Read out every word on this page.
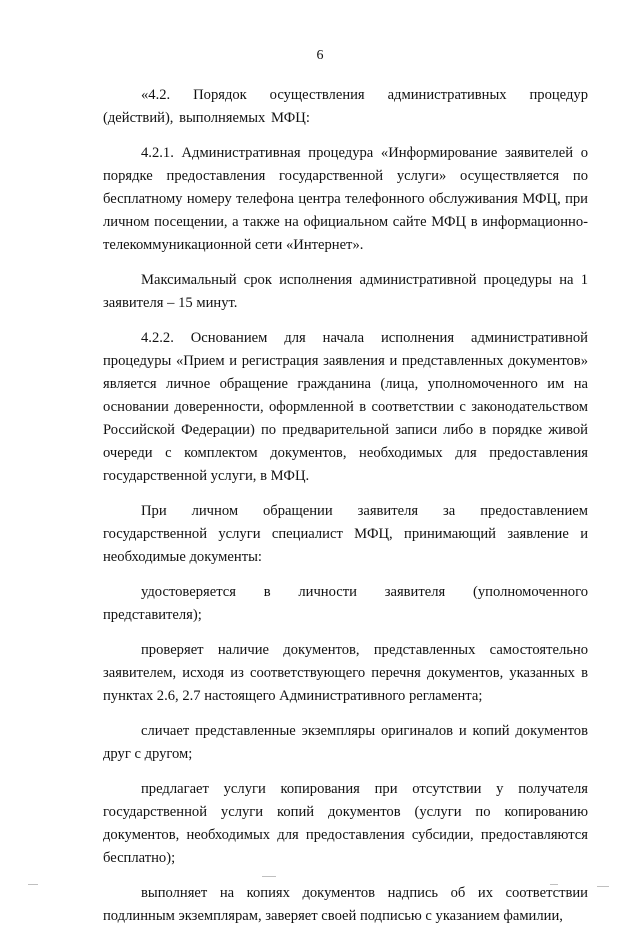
6

«4.2. Порядок осуществления административных процедур (действий), выполняемых МФЦ:

4.2.1. Административная процедура «Информирование заявителей о порядке предоставления государственной услуги» осуществляется по бесплатному номеру телефона центра телефонного обслуживания МФЦ, при личном посещении, а также на официальном сайте МФЦ в информационно-телекоммуникационной сети «Интернет».

Максимальный срок исполнения административной процедуры на 1 заявителя – 15 минут.

4.2.2. Основанием для начала исполнения административной процедуры «Прием и регистрация заявления и представленных документов» является личное обращение гражданина (лица, уполномоченного им на основании доверенности, оформленной в соответствии с законодательством Российской Федерации) по предварительной записи либо в порядке живой очереди с комплектом документов, необходимых для предоставления государственной услуги, в МФЦ.

При личном обращении заявителя за предоставлением государственной услуги специалист МФЦ, принимающий заявление и необходимые документы:

удостоверяется в личности заявителя (уполномоченного представителя);

проверяет наличие документов, представленных самостоятельно заявителем, исходя из соответствующего перечня документов, указанных в пунктах 2.6, 2.7 настоящего Административного регламента;

сличает представленные экземпляры оригиналов и копий документов друг с другом;

предлагает услуги копирования при отсутствии у получателя государственной услуги копий документов (услуги по копированию документов, необходимых для предоставления субсидии, предоставляются бесплатно);

выполняет на копиях документов надпись об их соответствии подлинным экземплярам, заверяет своей подписью с указанием фамилии,
